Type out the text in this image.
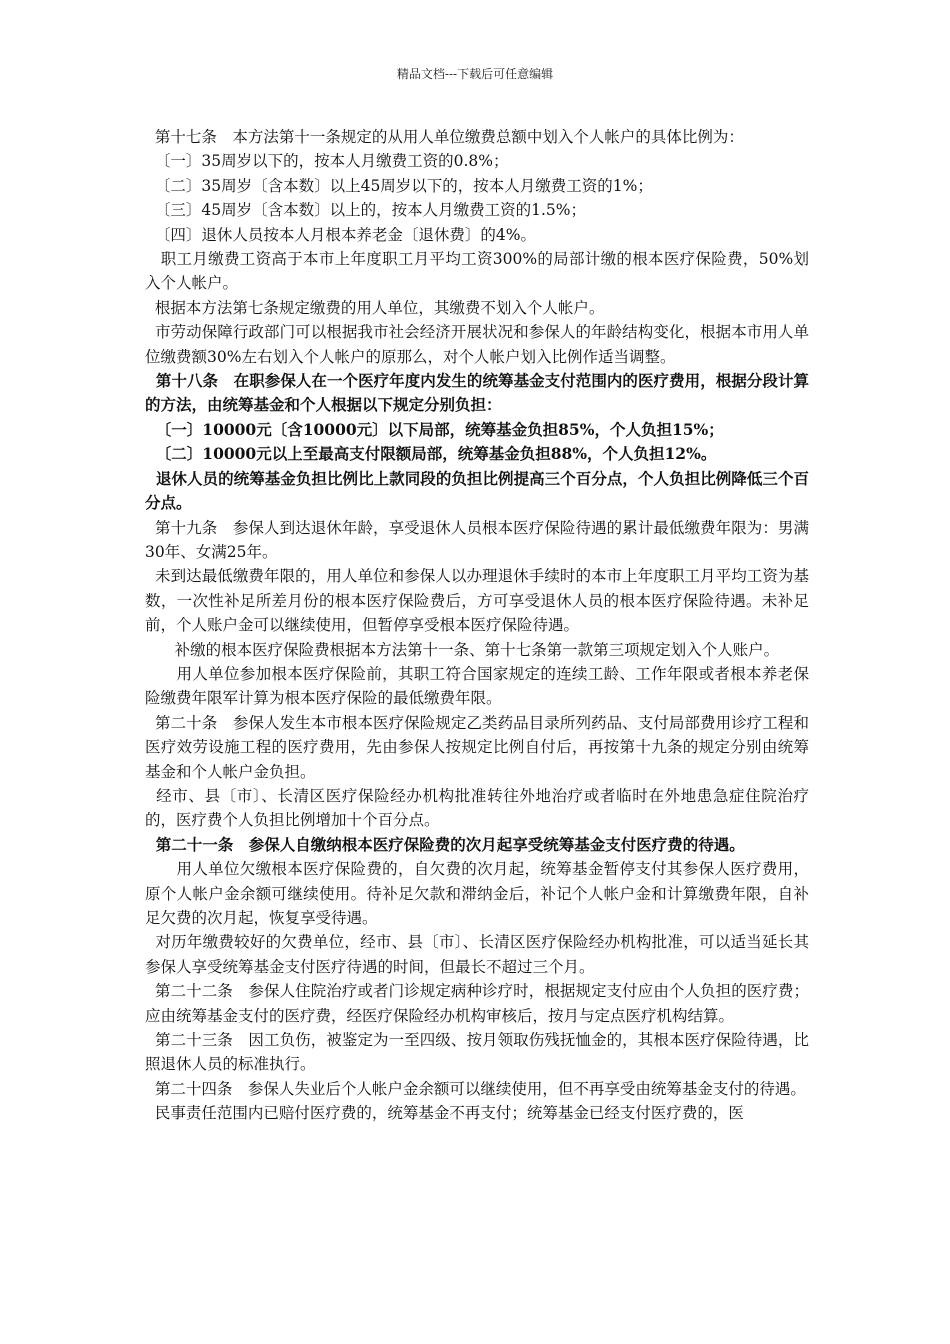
精品文档---下载后可任意编辑

第十七条　本方法第十一条规定的从用人单位缴费总额中划入个人帐户的具体比例为：

〔一〕35周岁以下的，按本人月缴费工资的0.8%；

〔二〕35周岁〔含本数〕以上45周岁以下的，按本人月缴费工资的1%；

〔三〕45周岁〔含本数〕以上的，按本人月缴费工资的1.5%；

〔四〕退休人员按本人月根本养老金〔退休费〕的4%。

职工月缴费工资高于本市上年度职工月平均工资300%的局部计缴的根本医疗保险费，50%划入个人帐户。

根据本方法第七条规定缴费的用人单位，其缴费不划入个人帐户。

市劳动保障行政部门可以根据我市社会经济开展状况和参保人的年龄结构变化，根据本市用人单位缴费额30%左右划入个人帐户的原那么，对个人帐户划入比例作适当调整。

第十八条　在职参保人在一个医疗年度内发生的统筹基金支付范围内的医疗费用，根据分段计算的方法，由统筹基金和个人根据以下规定分别负担：

〔一〕10000元〔含10000元〕以下局部，统筹基金负担85%，个人负担15%；

〔二〕10000元以上至最高支付限额局部，统筹基金负担88%，个人负担12%。

退休人员的统筹基金负担比例比上款同段的负担比例提高三个百分点，个人负担比例降低三个百分点。

第十九条　参保人到达退休年龄，享受退休人员根本医疗保险待遇的累计最低缴费年限为：男满30年、女满25年。

未到达最低缴费年限的，用人单位和参保人以办理退休手续时的本市上年度职工月平均工资为基数，一次性补足所差月份的根本医疗保险费后，方可享受退休人员的根本医疗保险待遇。未补足前，个人账户金可以继续使用，但暂停享受根本医疗保险待遇。

补缴的根本医疗保险费根据本方法第十一条、第十七条第一款第三项规定划入个人账户。

用人单位参加根本医疗保险前，其职工符合国家规定的连续工龄、工作年限或者根本养老保险缴费年限军计算为根本医疗保险的最低缴费年限。

第二十条　参保人发生本市根本医疗保险规定乙类药品目录所列药品、支付局部费用诊疗工程和医疗效劳设施工程的医疗费用，先由参保人按规定比例自付后，再按第十九条的规定分别由统筹基金和个人帐户金负担。

经市、县〔市〕、长清区医疗保险经办机构批准转往外地治疗或者临时在外地患急症住院治疗的，医疗费个人负担比例增加十个百分点。

第二十一条　参保人自缴纳根本医疗保险费的次月起享受统筹基金支付医疗费的待遇。

用人单位欠缴根本医疗保险费的，自欠费的次月起，统筹基金暂停支付其参保人医疗费用，原个人帐户金余额可继续使用。待补足欠款和滞纳金后，补记个人帐户金和计算缴费年限，自补足欠费的次月起，恢复享受待遇。

对历年缴费较好的欠费单位，经市、县〔市〕、长清区医疗保险经办机构批准，可以适当延长其参保人享受统筹基金支付医疗待遇的时间，但最长不超过三个月。

第二十二条　参保人住院治疗或者门诊规定病种诊疗时，根据规定支付应由个人负担的医疗费；应由统筹基金支付的医疗费，经医疗保险经办机构审核后，按月与定点医疗机构结算。

第二十三条　因工负伤，被鉴定为一至四级、按月领取伤残抚恤金的，其根本医疗保险待遇，比照退休人员的标准执行。

第二十四条　参保人失业后个人帐户金余额可以继续使用，但不再享受由统筹基金支付的待遇。

民事责任范围内已赔付医疗费的，统筹基金不再支付；统筹基金已经支付医疗费的，医
